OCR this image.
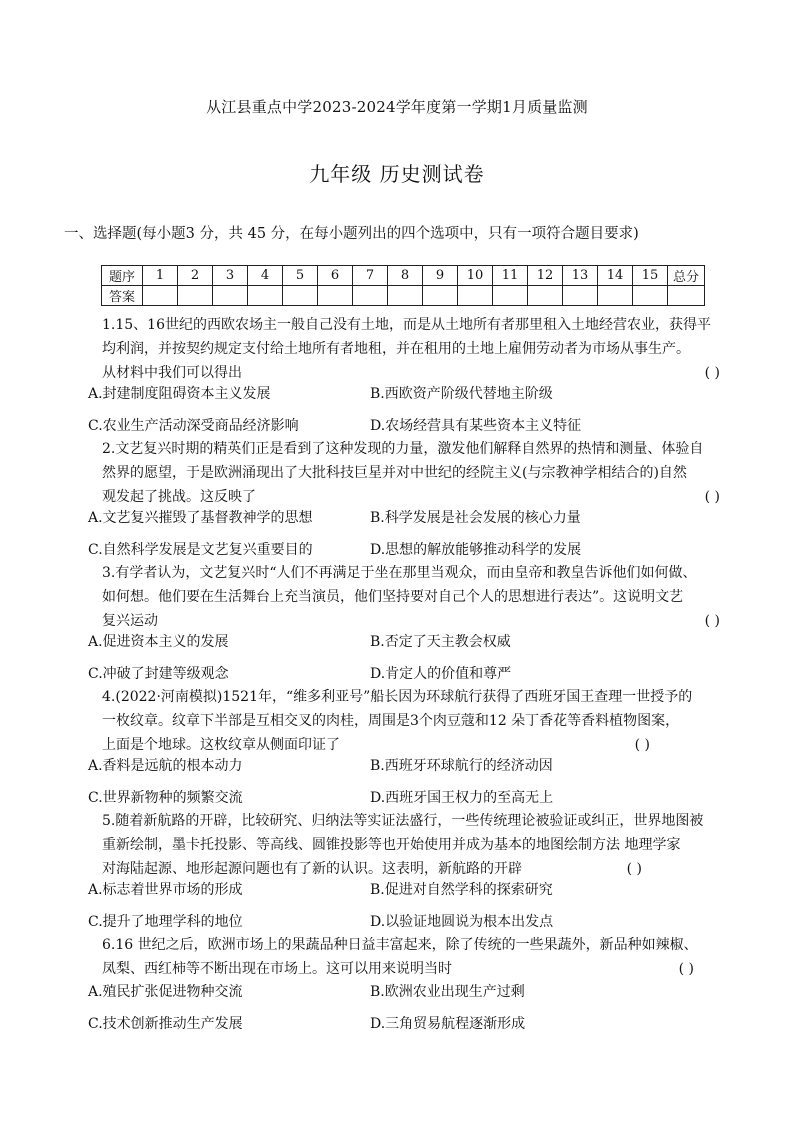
从江县重点中学2023-2024学年度第一学期1月质量监测
九年级 历史测试卷
一、选择题(每小题3 分，共 45 分，在每小题列出的四个选项中，只有一项符合题目要求)
题序	1	2	3	4	5	6	7	8	9	10	11	12	13	14	15	总分
答案																
1.15、16世纪的西欧农场主一般自己没有土地，而是从土地所有者那里租入土地经营农业，获得平
均利润，并按契约规定支付给土地所有者地租，并在租用的土地上雇佣劳动者为市场从事生产。
从材料中我们可以得出	( )
A.封建制度阻碍资本主义发展	B.西欧资产阶级代替地主阶级
C.农业生产活动深受商品经济影响	D.农场经营具有某些资本主义特征
2.文艺复兴时期的精英们正是看到了这种发现的力量，激发他们解释自然界的热情和测量、体验自
然界的愿望，于是欧洲涌现出了大批科技巨星并对中世纪的经院主义(与宗教神学相结合的)自然
观发起了挑战。这反映了	( )
A.文艺复兴摧毁了基督教神学的思想	B.科学发展是社会发展的核心力量
C.自然科学发展是文艺复兴重要目的	D.思想的解放能够推动科学的发展
3.有学者认为，文艺复兴时“人们不再满足于坐在那里当观众，而由皇帝和教皇告诉他们如何做、
如何想。他们要在生活舞台上充当演员，他们坚持要对自己个人的思想进行表达”。这说明文艺
复兴运动	( )
A.促进资本主义的发展	B.否定了天主教会权威
C.冲破了封建等级观念	D.肯定人的价值和尊严
4.(2022·河南模拟)1521年，“维多利亚号”船长因为环球航行获得了西班牙国王查理一世授予的
一枚纹章。纹章下半部是互相交叉的肉桂，周围是3个肉豆蔻和12 朵丁香花等香料植物图案，
上面是个地球。这枚纹章从侧面印证了	( )
A.香料是远航的根本动力	B.西班牙环球航行的经济动因
C.世界新物种的频繁交流	D.西班牙国王权力的至高无上
5.随着新航路的开辟，比较研究、归纳法等实证法盛行，一些传统理论被验证或纠正，世界地图被
重新绘制，墨卡托投影、等高线、圆锥投影等也开始使用并成为基本的地图绘制方法 地理学家
对海陆起源、地形起源问题也有了新的认识。这表明，新航路的开辟	( )
A.标志着世界市场的形成	B.促进对自然学科的探索研究
C.提升了地理学科的地位	D.以验证地圆说为根本出发点
6.16 世纪之后，欧洲市场上的果蔬品种日益丰富起来，除了传统的一些果蔬外，新品种如辣椒、
凤梨、西红柿等不断出现在市场上。这可以用来说明当时	( )
A.殖民扩张促进物种交流	B.欧洲农业出现生产过剩
C.技术创新推动生产发展	D.三角贸易航程逐渐形成
